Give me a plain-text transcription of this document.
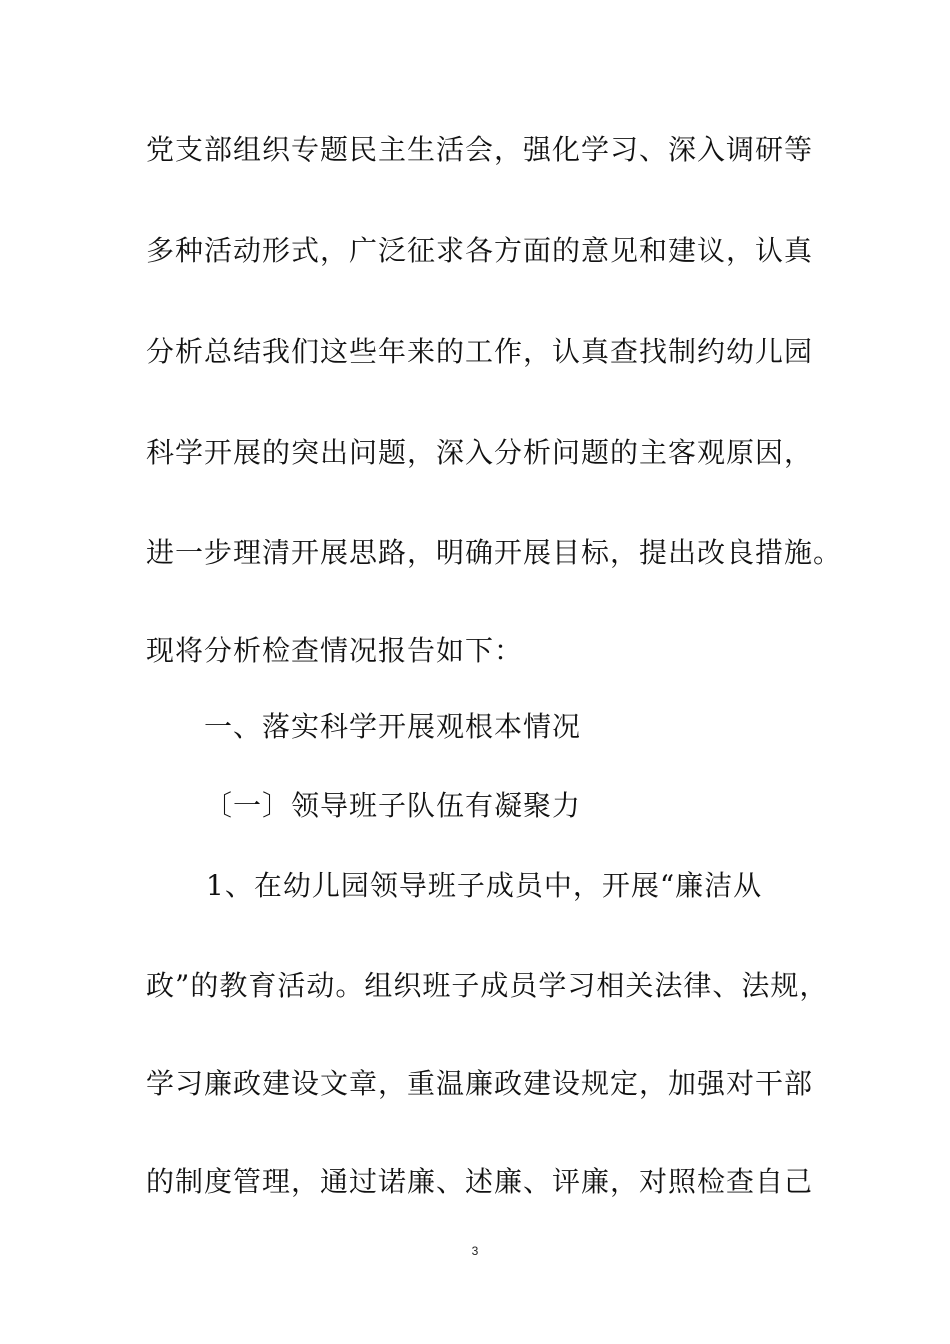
党支部组织专题民主生活会，强化学习、深入调研等
多种活动形式，广泛征求各方面的意见和建议，认真
分析总结我们这些年来的工作，认真查找制约幼儿园
科学开展的突出问题，深入分析问题的主客观原因，
进一步理清开展思路，明确开展目标，提出改良措施。
现将分析检查情况报告如下：
一、落实科学开展观根本情况
〔一〕领导班子队伍有凝聚力
1、在幼儿园领导班子成员中，开展“廉洁从
政”的教育活动。组织班子成员学习相关法律、法规，
学习廉政建设文章，重温廉政建设规定，加强对干部
的制度管理，通过诺廉、述廉、评廉，对照检查自己
3
